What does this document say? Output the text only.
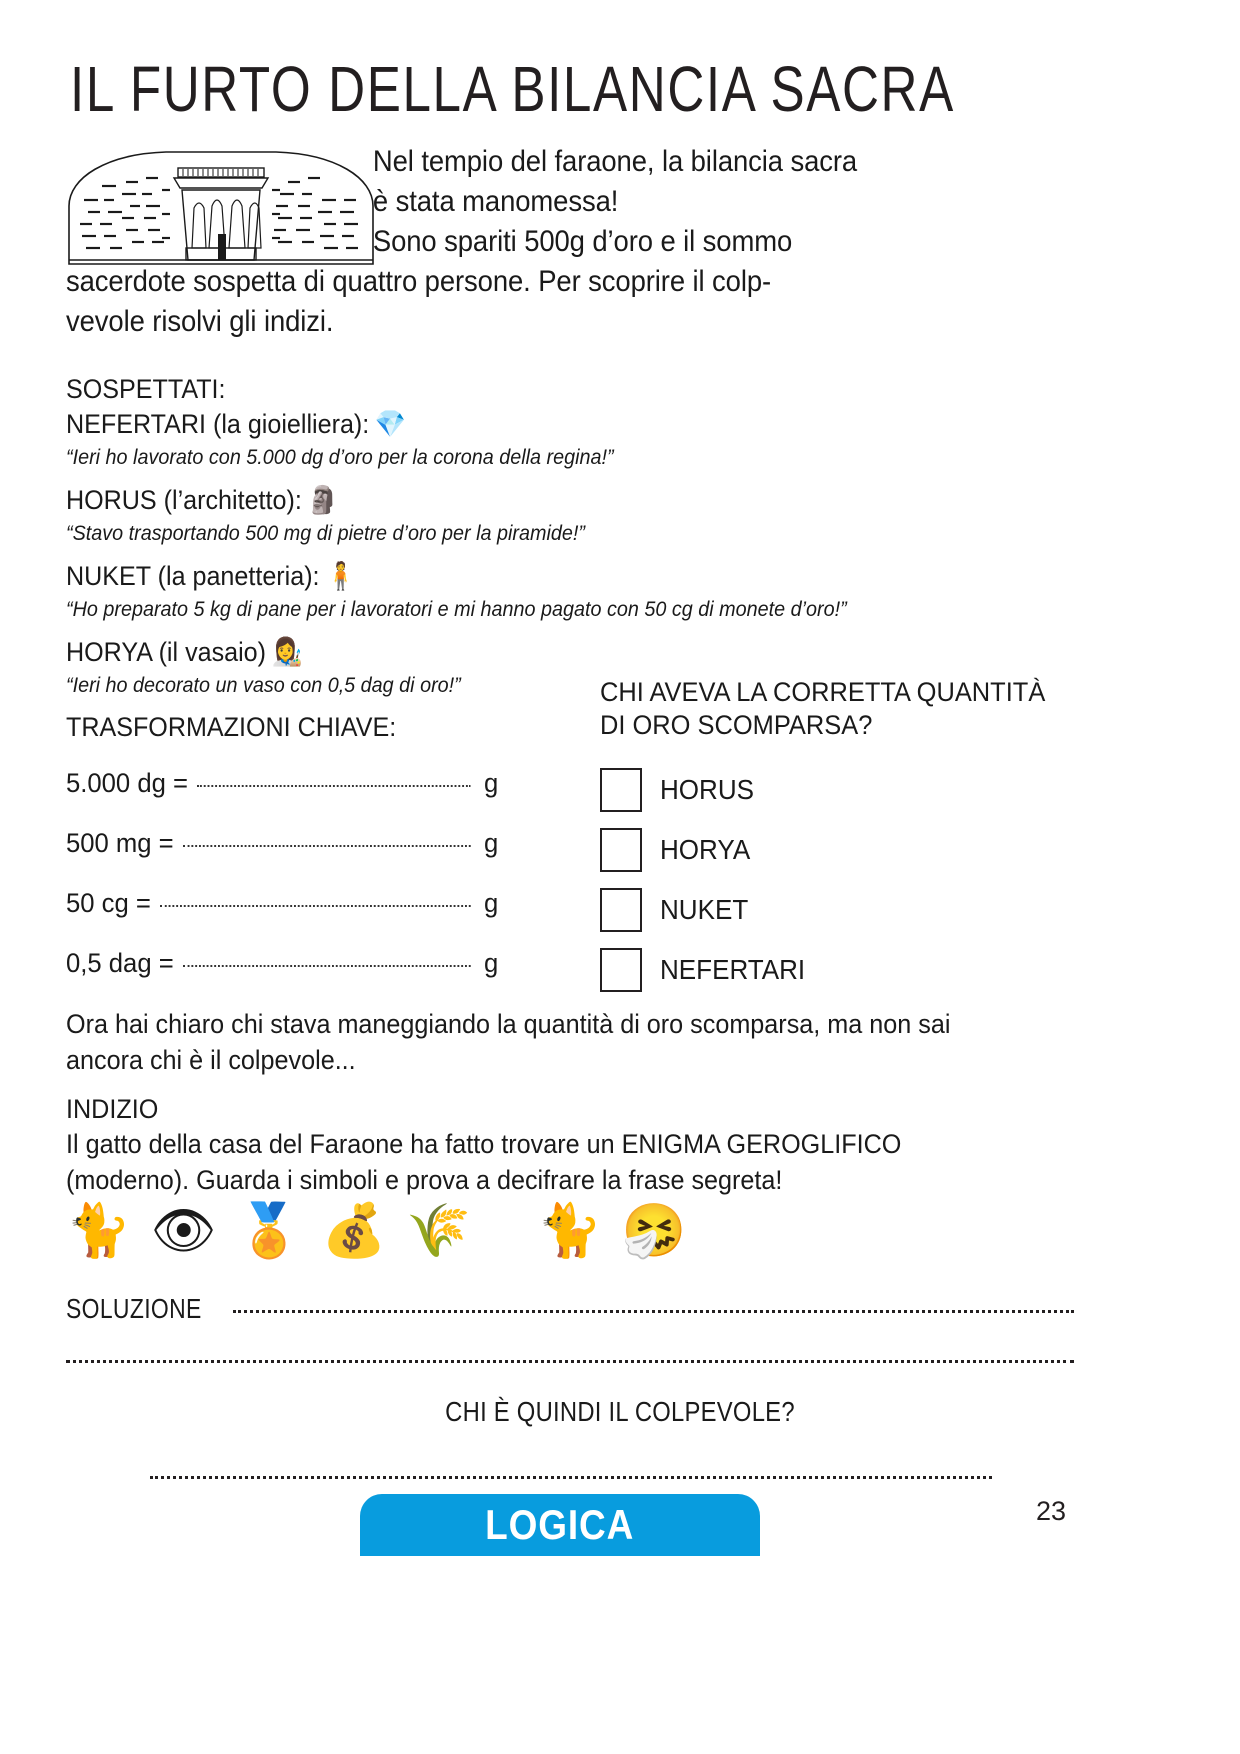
IL FURTO DELLA BILANCIA SACRA
Nel tempio del faraone, la bilancia sacra
è stata manomessa!
Sono spariti 500g d’oro e il sommo
sacerdote sospetta di quattro persone. Per scoprire il colp-
vevole risolvi gli indizi.
SOSPETTATI:
NEFERTARI (la gioielliera): 💎
“Ieri ho lavorato con 5.000 dg d’oro per la corona della regina!”
HORUS (l’architetto): 🗿
“Stavo trasportando 500 mg di pietre d’oro per la piramide!”
NUKET (la panetteria): 🧍
“Ho preparato 5 kg di pane per i lavoratori e mi hanno pagato con 50 cg di monete d’oro!”
HORYA (il vasaio) 👩‍🎨
“Ieri ho decorato un vaso con 0,5 dag di oro!”
TRASFORMAZIONI CHIAVE:
5.000 dg =	g
500 mg =	g
50 cg =	g
0,5 dag =	g
CHI AVEVA LA CORRETTA QUANTITÀ
DI ORO SCOMPARSA?
HORUS
HORYA
NUKET
NEFERTARI
Ora hai chiaro chi stava maneggiando la quantità di oro scomparsa, ma non sai
ancora chi è il colpevole...
INDIZIO
Il gatto della casa del Faraone ha fatto trovare un ENIGMA GEROGLIFICO
(moderno). Guarda i simboli e prova a decifrare la frase segreta!
🐈 👁 🏅 💰 🌾 🐈 🤧
SOLUZIONE
CHI È QUINDI IL COLPEVOLE?
LOGICA	23
